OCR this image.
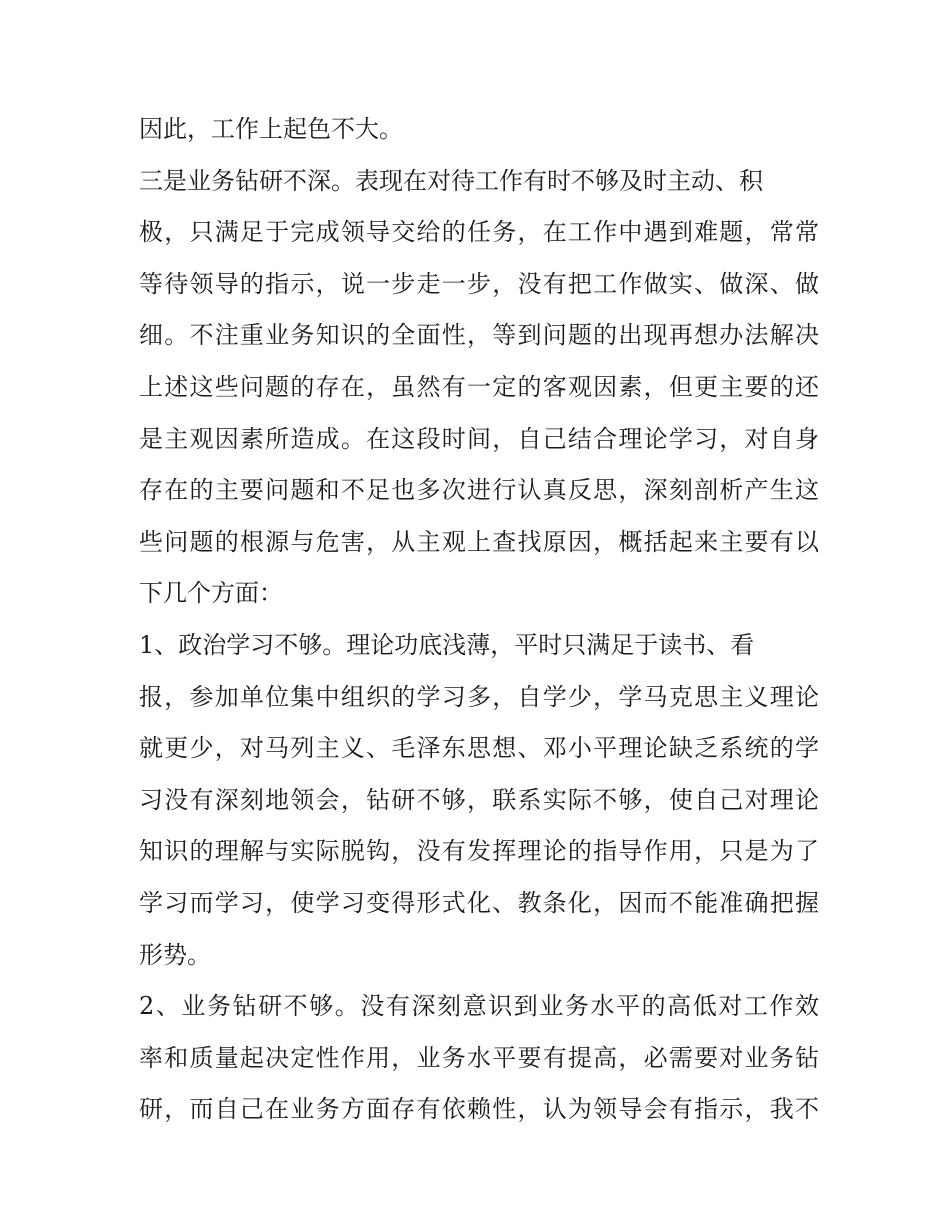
因此，工作上起色不大。
三是业务钻研不深。表现在对待工作有时不够及时主动、积
极，只满足于完成领导交给的任务，在工作中遇到难题，常常
等待领导的指示，说一步走一步，没有把工作做实、做深、做
细。不注重业务知识的全面性，等到问题的出现再想办法解决
上述这些问题的存在，虽然有一定的客观因素，但更主要的还
是主观因素所造成。在这段时间，自己结合理论学习，对自身
存在的主要问题和不足也多次进行认真反思，深刻剖析产生这
些问题的根源与危害，从主观上查找原因，概括起来主要有以
下几个方面：
1、政治学习不够。理论功底浅薄，平时只满足于读书、看
报，参加单位集中组织的学习多，自学少，学马克思主义理论
就更少，对马列主义、毛泽东思想、邓小平理论缺乏系统的学
习没有深刻地领会，钻研不够，联系实际不够，使自己对理论
知识的理解与实际脱钩，没有发挥理论的指导作用，只是为了
学习而学习，使学习变得形式化、教条化，因而不能准确把握
形势。
2、业务钻研不够。没有深刻意识到业务水平的高低对工作效
率和质量起决定性作用，业务水平要有提高，必需要对业务钻
研，而自己在业务方面存有依赖性，认为领导会有指示，我不
